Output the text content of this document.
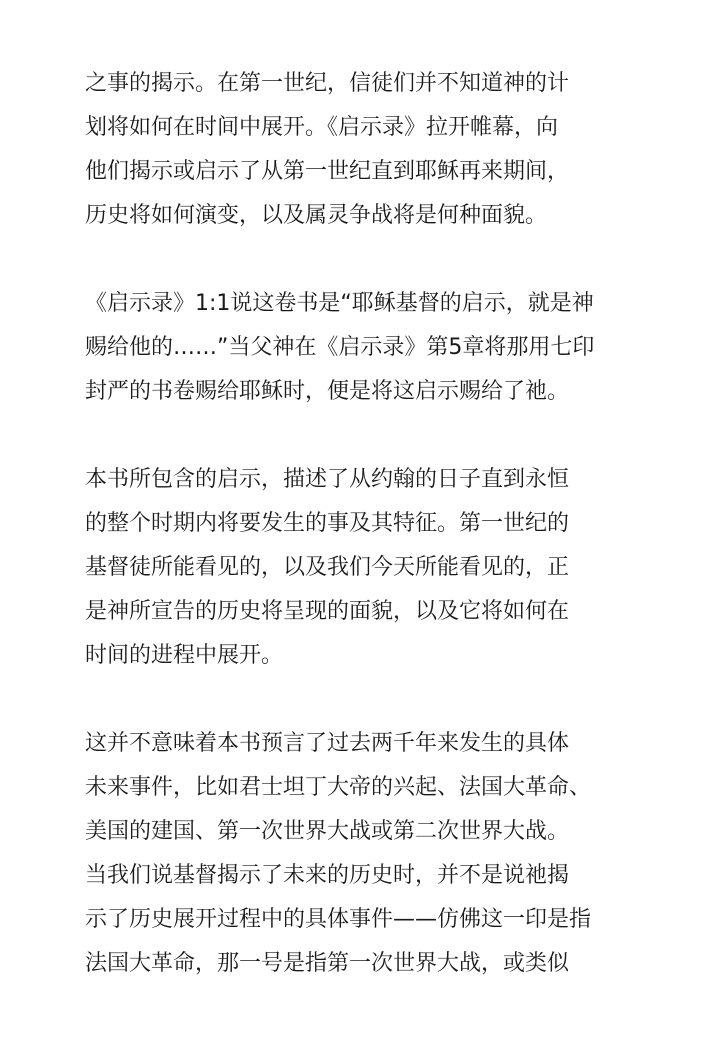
之事的揭示。在第一世纪，信徒们并不知道神的计
划将如何在时间中展开。《启示录》拉开帷幕，向
他们揭示或启示了从第一世纪直到耶稣再来期间，
历史将如何演变，以及属灵争战将是何种面貌。
《启示录》1:1说这卷书是“耶稣基督的启示，就是神
赐给他的……”当父神在《启示录》第5章将那用七印
封严的书卷赐给耶稣时，便是将这启示赐给了祂。
本书所包含的启示，描述了从约翰的日子直到永恒
的整个时期内将要发生的事及其特征。第一世纪的
基督徒所能看见的，以及我们今天所能看见的，正
是神所宣告的历史将呈现的面貌，以及它将如何在
时间的进程中展开。
这并不意味着本书预言了过去两千年来发生的具体
未来事件，比如君士坦丁大帝的兴起、法国大革命、
美国的建国、第一次世界大战或第二次世界大战。
当我们说基督揭示了未来的历史时，并不是说祂揭
示了历史展开过程中的具体事件——仿佛这一印是指
法国大革命，那一号是指第一次世界大战，或类似
